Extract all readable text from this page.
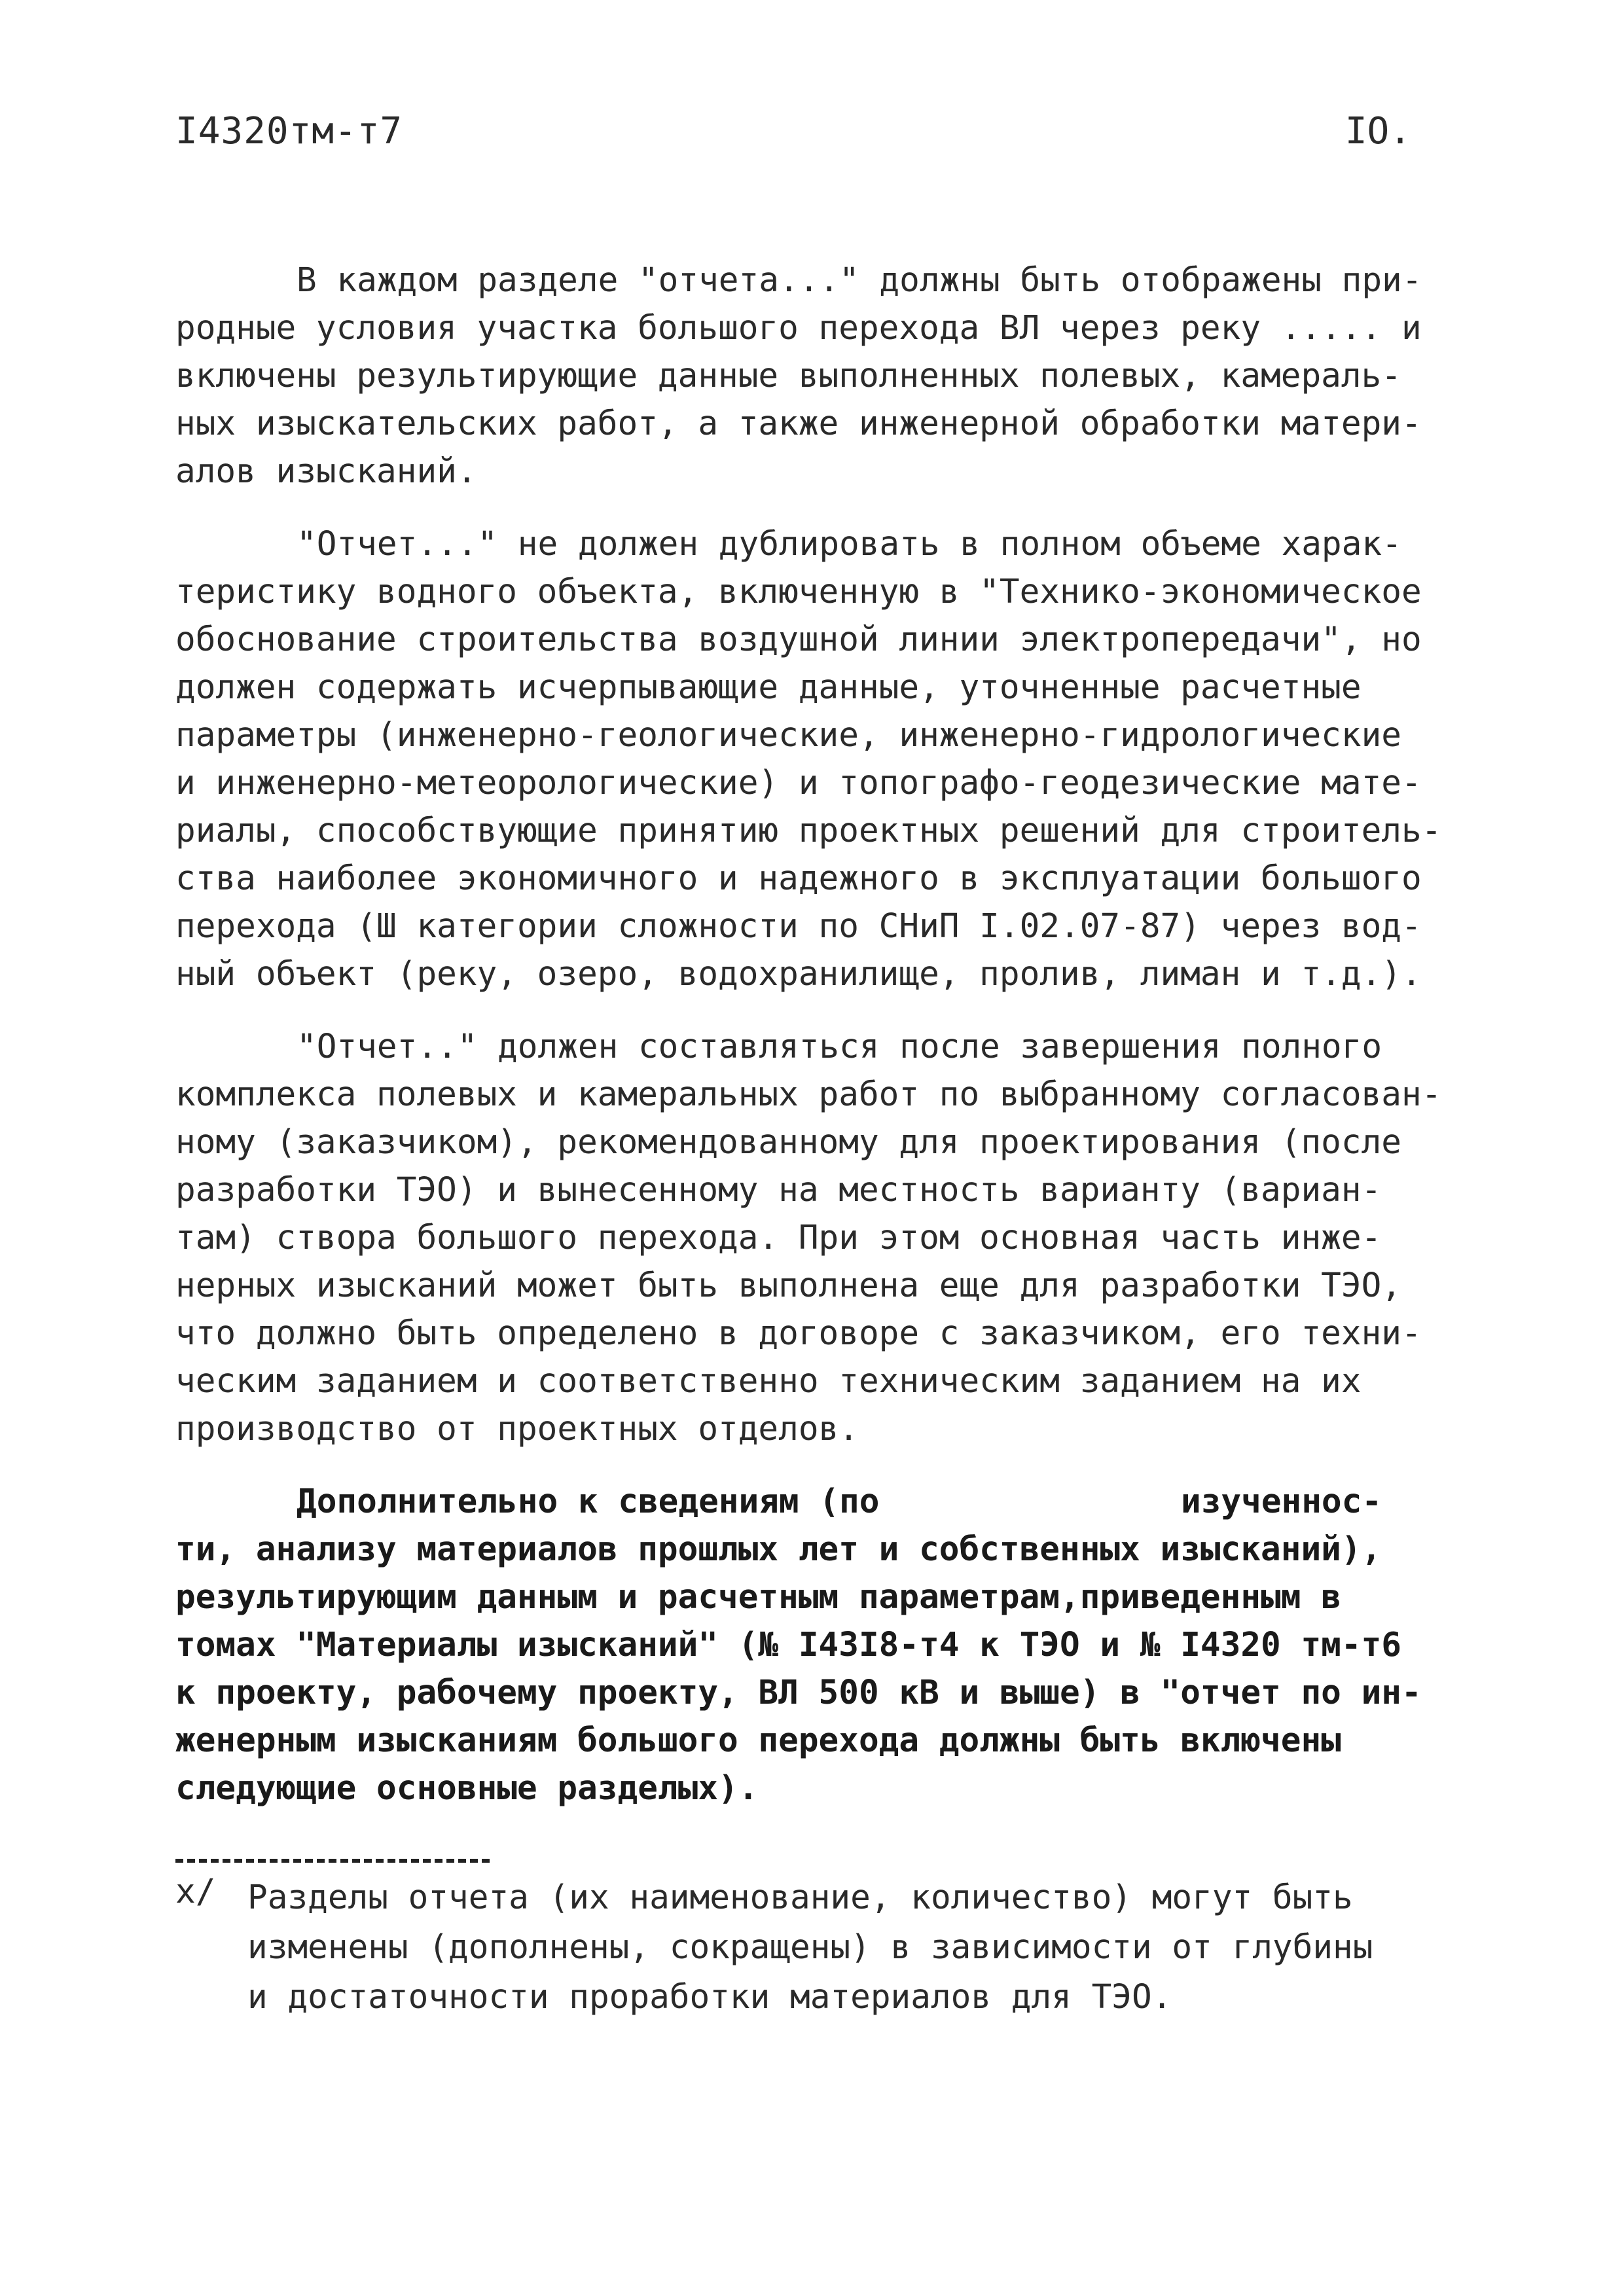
I4320тм-т7	IO.
В каждом разделе "отчета..." должны быть отображены при-
родные условия участка большого перехода ВЛ через реку ..... и
включены результирующие данные выполненных полевых, камераль-
ных изыскательских работ, а также инженерной обработки матери-
алов изысканий.
"Отчет..." не должен дублировать в полном объеме харак-
теристику водного объекта, включенную в "Технико-экономическое
обоснование строительства воздушной линии электропередачи", но
должен содержать исчерпывающие данные, уточненные расчетные
параметры (инженерно-геологические, инженерно-гидрологические
и инженерно-метеорологические) и топографо-геодезические мате-
риалы, способствующие принятию проектных решений для строитель-
ства наиболее экономичного и надежного в эксплуатации большого
перехода (Ш категории сложности по СНиП I.02.07-87) через вод-
ный объект (реку, озеро, водохранилище, пролив, лиман и т.д.).
"Отчет.." должен составляться после завершения полного
комплекса полевых и камеральных работ по выбранному согласован-
ному (заказчиком), рекомендованному для проектирования (после
разработки ТЭО) и вынесенному на местность варианту (вариан-
там) створа большого перехода. При этом основная часть инже-
нерных изысканий может быть выполнена еще для разработки ТЭО,
что должно быть определено в договоре с заказчиком, его техни-
ческим заданием и соответственно техническим заданием на их
производство от проектных отделов.
Дополнительно к сведениям (по               изученнос-
ти, анализу материалов прошлых лет и собственных изысканий),
результирующим данным и расчетным параметрам,приведенным в
томах "Материалы изысканий" (№ I43I8-т4 к ТЭО и № I4320 тм-т6
к проекту, рабочему проекту, ВЛ 500 кВ и выше) в "отчет по ин-
женерным изысканиям большого перехода должны быть включены
следующие основные разделыx).
x/ Разделы отчета (их наименование, количество) могут быть
изменены (дополнены, сокращены) в зависимости от глубины
и достаточности проработки материалов для ТЭО.
